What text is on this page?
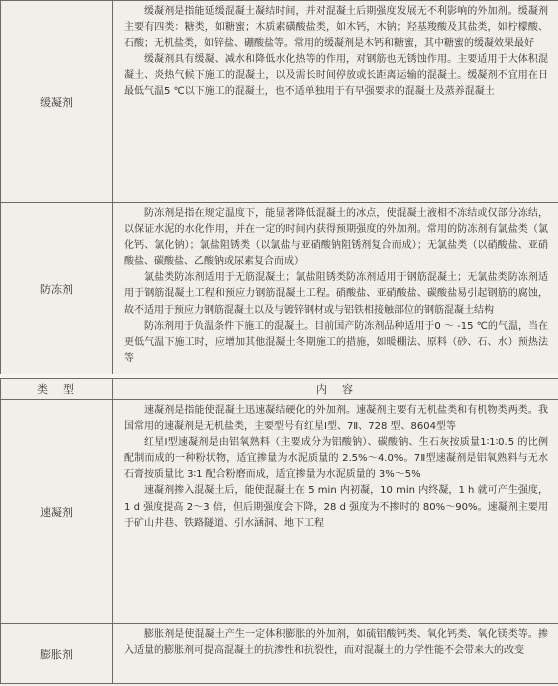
缓凝剂	缓凝剂是指能延缓混凝土凝结时间，并对混凝土后期强度发展无不利影响的外加剂。缓凝剂主要有四类：糖类，如糖蜜；木质素磺酸盐类，如木钙，木钠；羟基羧酸及其盐类，如柠檬酸、石酸；无机盐类，如锌盐、硼酸盐等。常用的缓凝剂是木钙和糖蜜，其中糖蜜的缓凝效果最好

缓凝剂具有缓凝、减水和降低水化热等的作用，对钢筋也无锈蚀作用。主要适用于大体积混凝土、炎热气候下施工的混凝土，以及需长时间停放或长距离运输的混凝土。缓凝剂不宜用在日最低气温5 ℃以下施工的混凝土，也不适单独用于有早强要求的混凝土及蒸养混凝土

防冻剂	防冻剂是指在规定温度下，能显著降低混凝土的冰点，使混凝土液相不冻结或仅部分冻结，以保证水泥的水化作用，并在一定的时间内获得预期强度的外加剂。常用的防冻剂有氯盐类（氯化钙、氯化钠）；氯盐阻锈类（以氯盐与亚硝酸钠阻锈剂复合而成）；无氯盐类（以硝酸盐、亚硝酸盐、碳酸盐、乙酸钠或尿素复合而成）

氯盐类防冻剂适用于无筋混凝土；氯盐阻锈类防冻剂适用于钢筋混凝土；无氯盐类防冻剂适用于钢筋混凝土工程和预应力钢筋混凝土工程。硝酸盐、亚硝酸盐、碳酸盐易引起钢筋的腐蚀，故不适用于预应力钢筋混凝土以及与镀锌钢材或与铝铁相接触部位的钢筋混凝土结构

防冻剂用于负温条件下施工的混凝土。目前国产防冻剂品种适用于0 ～ -15 ℃的气温，当在更低气温下施工时，应增加其他混凝土冬期施工的措施，如暖棚法、原料（砂、石、水）预热法等

类　型	内　容
速凝剂	速凝剂是指能使混凝土迅速凝结硬化的外加剂。速凝剂主要有无机盐类和有机物类两类。我国常用的速凝剂是无机盐类，主要型号有红星Ⅰ型、7Ⅱ、728 型、8604型等

红星Ⅰ型速凝剂是由铝氧熟料（主要成分为铝酸钠）、碳酸钠、生石灰按质量1∶1∶0.5 的比例配制而成的一种粉状物，适宜掺量为水泥质量的 2.5%～4.0%。7Ⅱ型速凝剂是铝氧熟料与无水石膏按质量比 3∶1 配合粉磨而成，适宜掺量为水泥质量的 3%～5%

速凝剂掺入混凝土后，能使混凝土在 5 min 内初凝，10 min 内终凝，1 h 就可产生强度，1 d 强度提高 2～3 倍，但后期强度会下降，28 d 强度为不掺时的 80%～90%。速凝剂主要用于矿山井巷、铁路隧道、引水涵洞、地下工程

膨胀剂	膨胀剂是使混凝土产生一定体积膨胀的外加剂，如硫铝酸钙类、氧化钙类、氧化镁类等。掺入适量的膨胀剂可提高混凝土的抗渗性和抗裂性，而对混凝土的力学性能不会带来大的改变
